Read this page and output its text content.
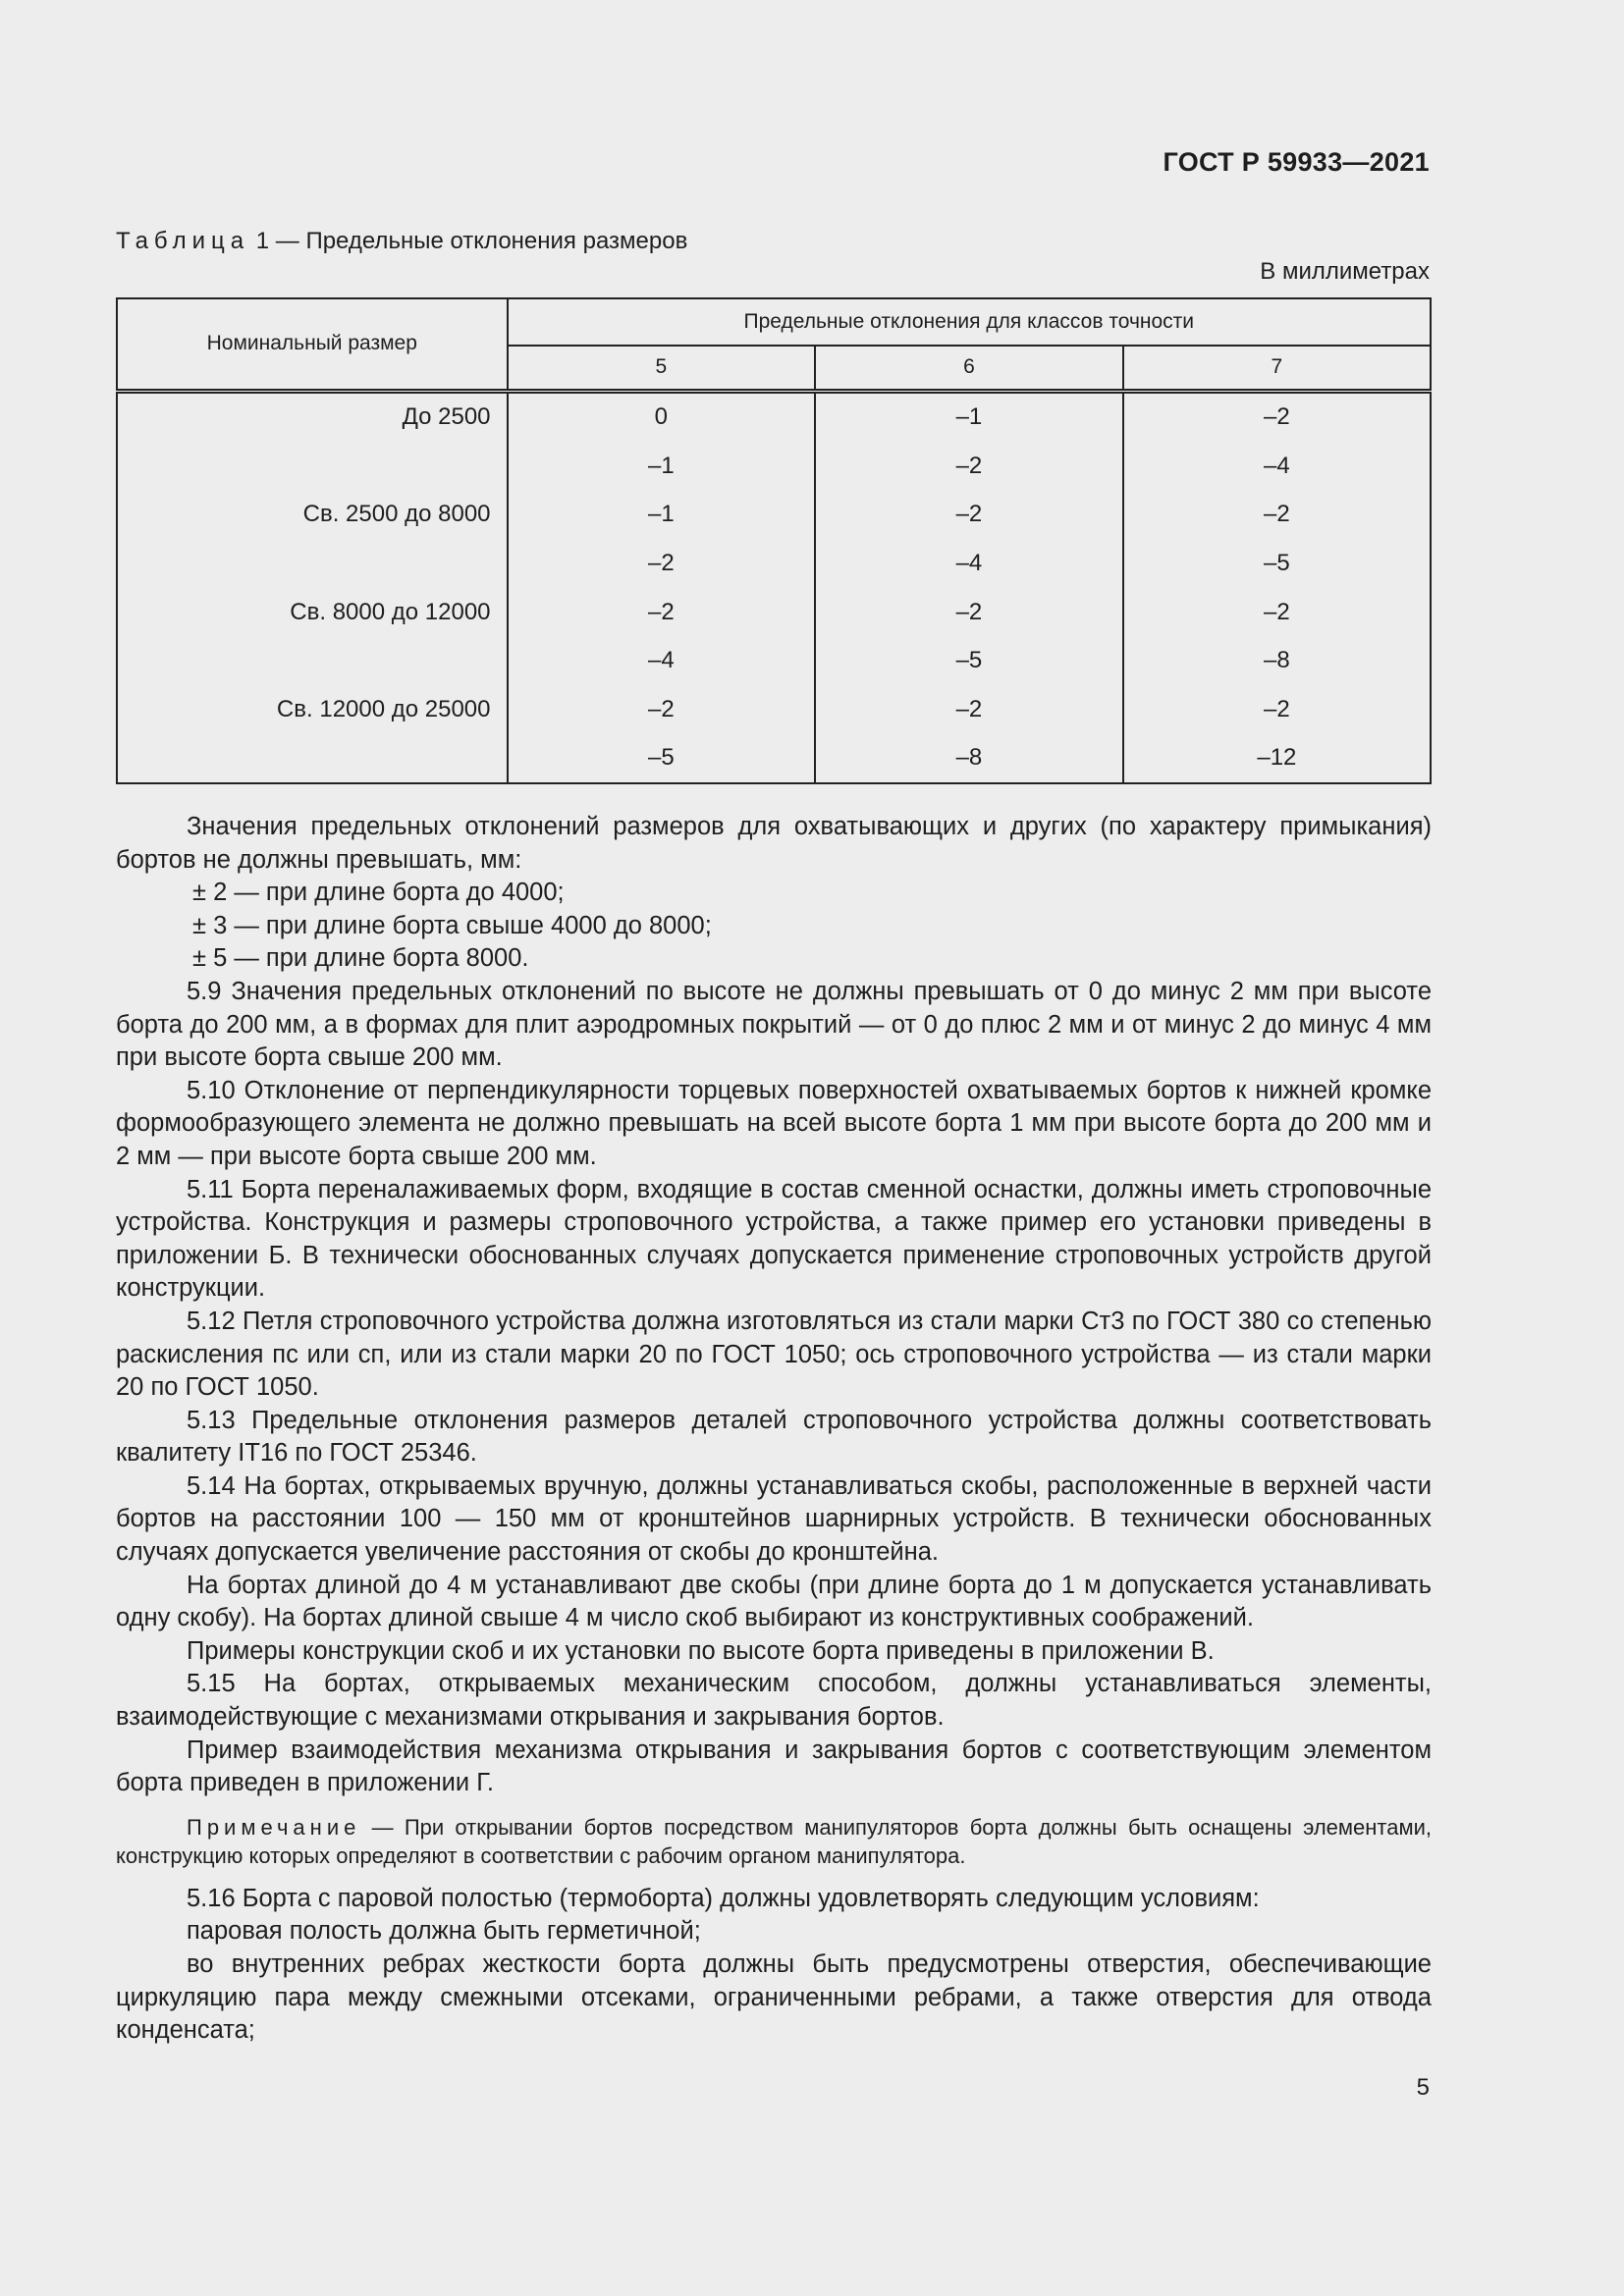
ГОСТ Р 59933—2021
Таблица 1 — Предельные отклонения размеров
В миллиметрах
Номинальный размер	Предельные отклонения для классов точности		
	5	6	7
До 2500	0	–1	–2
	–1	–2	–4
Св. 2500 до 8000	–1	–2	–2
	–2	–4	–5
Св. 8000 до 12000	–2	–2	–2
	–4	–5	–8
Св. 12000 до 25000	–2	–2	–2
	–5	–8	–12

Значения предельных отклонений размеров для охватывающих и других (по характеру примыкания) бортов не должны превышать, мм:

± 2 — при длине борта до 4000;

± 3 — при длине борта свыше 4000 до 8000;

± 5 — при длине борта 8000.

5.9 Значения предельных отклонений по высоте не должны превышать от 0 до минус 2 мм при высоте борта до 200 мм, а в формах для плит аэродромных покрытий — от 0 до плюс 2 мм и от минус 2 до минус 4 мм при высоте борта свыше 200 мм.

5.10 Отклонение от перпендикулярности торцевых поверхностей охватываемых бортов к нижней кромке формообразующего элемента не должно превышать на всей высоте борта 1 мм при высоте борта до 200 мм и 2 мм — при высоте борта свыше 200 мм.

5.11 Борта переналаживаемых форм, входящие в состав сменной оснастки, должны иметь строповочные устройства. Конструкция и размеры строповочного устройства, а также пример его установки приведены в приложении Б. В технически обоснованных случаях допускается применение строповочных устройств другой конструкции.

5.12 Петля строповочного устройства должна изготовляться из стали марки Ст3 по ГОСТ 380 со степенью раскисления пс или сп, или из стали марки 20 по ГОСТ 1050; ось строповочного устройства — из стали марки 20 по ГОСТ 1050.

5.13 Предельные отклонения размеров деталей строповочного устройства должны соответствовать квалитету IT16 по ГОСТ 25346.

5.14 На бортах, открываемых вручную, должны устанавливаться скобы, расположенные в верхней части бортов на расстоянии 100 — 150 мм от кронштейнов шарнирных устройств. В технически обоснованных случаях допускается увеличение расстояния от скобы до кронштейна.

На бортах длиной до 4 м устанавливают две скобы (при длине борта до 1 м допускается устанавливать одну скобу). На бортах длиной свыше 4 м число скоб выбирают из конструктивных соображений.

Примеры конструкции скоб и их установки по высоте борта приведены в приложении В.

5.15 На бортах, открываемых механическим способом, должны устанавливаться элементы, взаимодействующие с механизмами открывания и закрывания бортов.

Пример взаимодействия механизма открывания и закрывания бортов с соответствующим элементом борта приведен в приложении Г.

Примечание — При открывании бортов посредством манипуляторов борта должны быть оснащены элементами, конструкцию которых определяют в соответствии с рабочим органом манипулятора.

5.16 Борта с паровой полостью (термоборта) должны удовлетворять следующим условиям:

паровая полость должна быть герметичной;

во внутренних ребрах жесткости борта должны быть предусмотрены отверстия, обеспечивающие циркуляцию пара между смежными отсеками, ограниченными ребрами, а также отверстия для отвода конденсата;

5
